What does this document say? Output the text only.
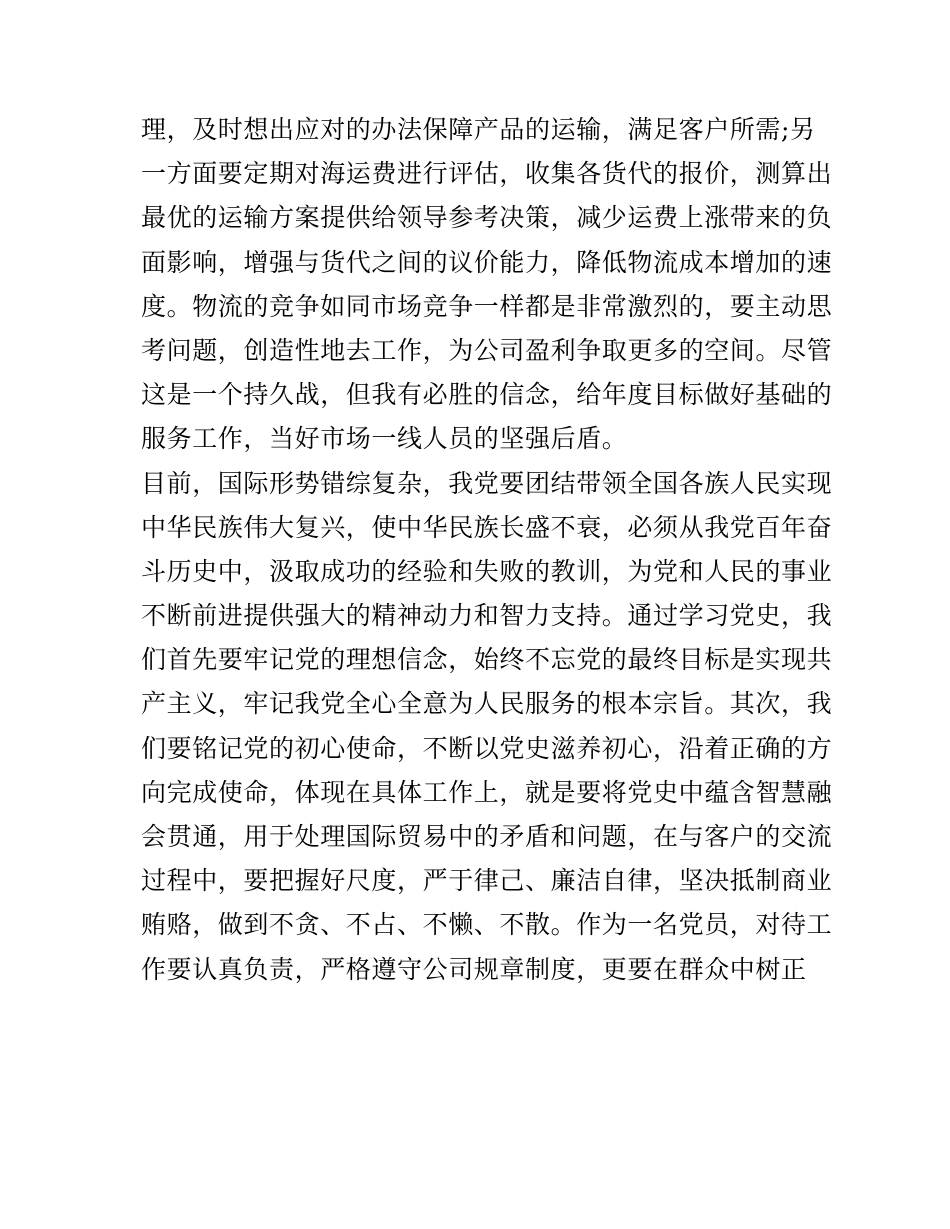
理，及时想出应对的办法保障产品的运输，满足客户所需;另
一方面要定期对海运费进行评估，收集各货代的报价，测算出
最优的运输方案提供给领导参考决策，减少运费上涨带来的负
面影响，增强与货代之间的议价能力，降低物流成本增加的速
度。物流的竞争如同市场竞争一样都是非常激烈的，要主动思
考问题，创造性地去工作，为公司盈利争取更多的空间。尽管
这是一个持久战，但我有必胜的信念，给年度目标做好基础的
服务工作，当好市场一线人员的坚强后盾。
目前，国际形势错综复杂，我党要团结带领全国各族人民实现
中华民族伟大复兴，使中华民族长盛不衰，必须从我党百年奋
斗历史中，汲取成功的经验和失败的教训，为党和人民的事业
不断前进提供强大的精神动力和智力支持。通过学习党史，我
们首先要牢记党的理想信念，始终不忘党的最终目标是实现共
产主义，牢记我党全心全意为人民服务的根本宗旨。其次，我
们要铭记党的初心使命，不断以党史滋养初心，沿着正确的方
向完成使命，体现在具体工作上，就是要将党史中蕴含智慧融
会贯通，用于处理国际贸易中的矛盾和问题，在与客户的交流
过程中，要把握好尺度，严于律己、廉洁自律，坚决抵制商业
贿赂，做到不贪、不占、不懒、不散。作为一名党员，对待工
作要认真负责，严格遵守公司规章制度，更要在群众中树正
